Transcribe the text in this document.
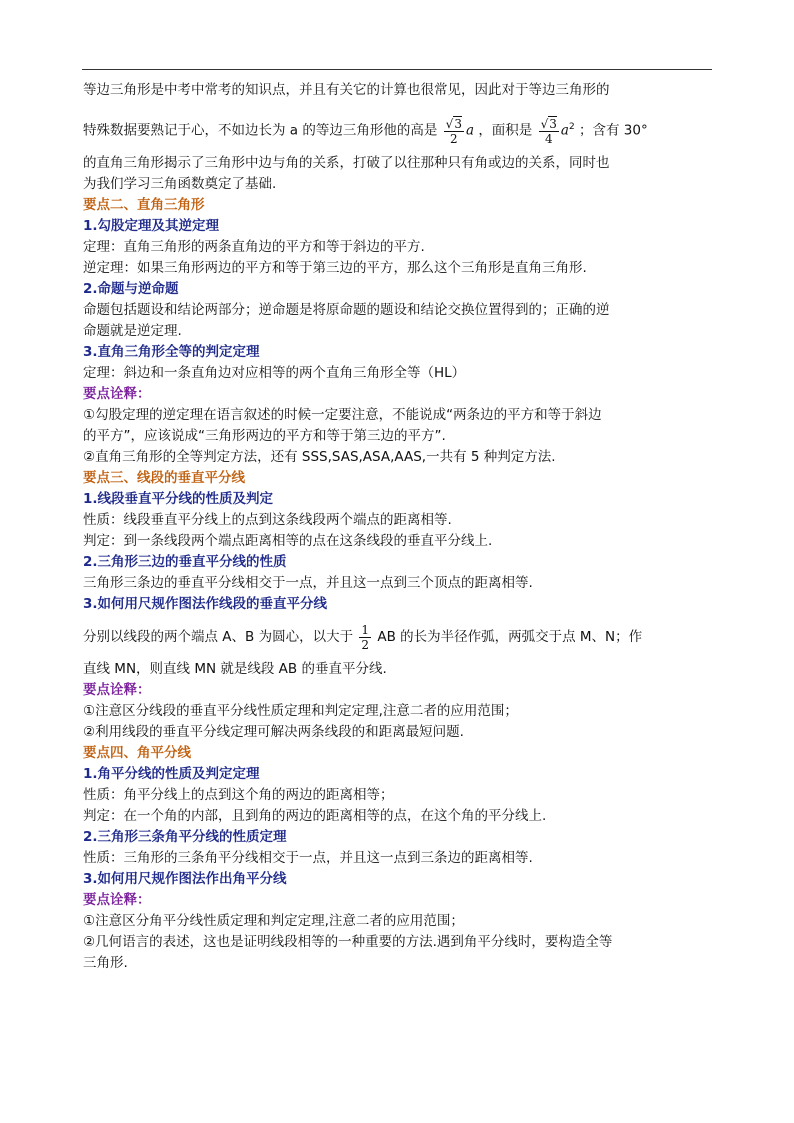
等边三角形是中考中常考的知识点，并且有关它的计算也很常见，因此对于等边三角形的
特殊数据要熟记于心，不如边长为 a 的等边三角形他的高是 $\frac{√3}{2}$ a ，面积是 $\frac{√3}{4} a^2$ ；含有 30°
的直角三角形揭示了三角形中边与角的关系，打破了以往那种只有角或边的关系，同时也
为我们学习三角函数奠定了基础.
要点二、直角三角形
1.勾股定理及其逆定理
定理：直角三角形的两条直角边的平方和等于斜边的平方.
逆定理：如果三角形两边的平方和等于第三边的平方，那么这个三角形是直角三角形.
2.命题与逆命题
命题包括题设和结论两部分；逆命题是将原命题的题设和结论交换位置得到的；正确的逆
命题就是逆定理.
3.直角三角形全等的判定定理
定理：斜边和一条直角边对应相等的两个直角三角形全等（HL）
要点诠释：
①勾股定理的逆定理在语言叙述的时候一定要注意，不能说成“两条边的平方和等于斜边
的平方”，应该说成“三角形两边的平方和等于第三边的平方”.
②直角三角形的全等判定方法，还有 SSS,SAS,ASA,AAS,一共有 5 种判定方法.
要点三、线段的垂直平分线
1.线段垂直平分线的性质及判定
性质：线段垂直平分线上的点到这条线段两个端点的距离相等.
判定：到一条线段两个端点距离相等的点在这条线段的垂直平分线上.
2.三角形三边的垂直平分线的性质
三角形三条边的垂直平分线相交于一点，并且这一点到三个顶点的距离相等.
3.如何用尺规作图法作线段的垂直平分线
分别以线段的两个端点 A、B 为圆心，以大于 $\frac{1}{2}$ AB 的长为半径作弧，两弧交于点 M、N；作
直线 MN，则直线 MN 就是线段 AB 的垂直平分线.
要点诠释：
①注意区分线段的垂直平分线性质定理和判定定理,注意二者的应用范围；
②利用线段的垂直平分线定理可解决两条线段的和距离最短问题.
要点四、角平分线
1.角平分线的性质及判定定理
性质：角平分线上的点到这个角的两边的距离相等；
判定：在一个角的内部，且到角的两边的距离相等的点，在这个角的平分线上.
2.三角形三条角平分线的性质定理
性质：三角形的三条角平分线相交于一点，并且这一点到三条边的距离相等.
3.如何用尺规作图法作出角平分线
要点诠释：
①注意区分角平分线性质定理和判定定理,注意二者的应用范围；
②几何语言的表述，这也是证明线段相等的一种重要的方法.遇到角平分线时，要构造全等
三角形.
